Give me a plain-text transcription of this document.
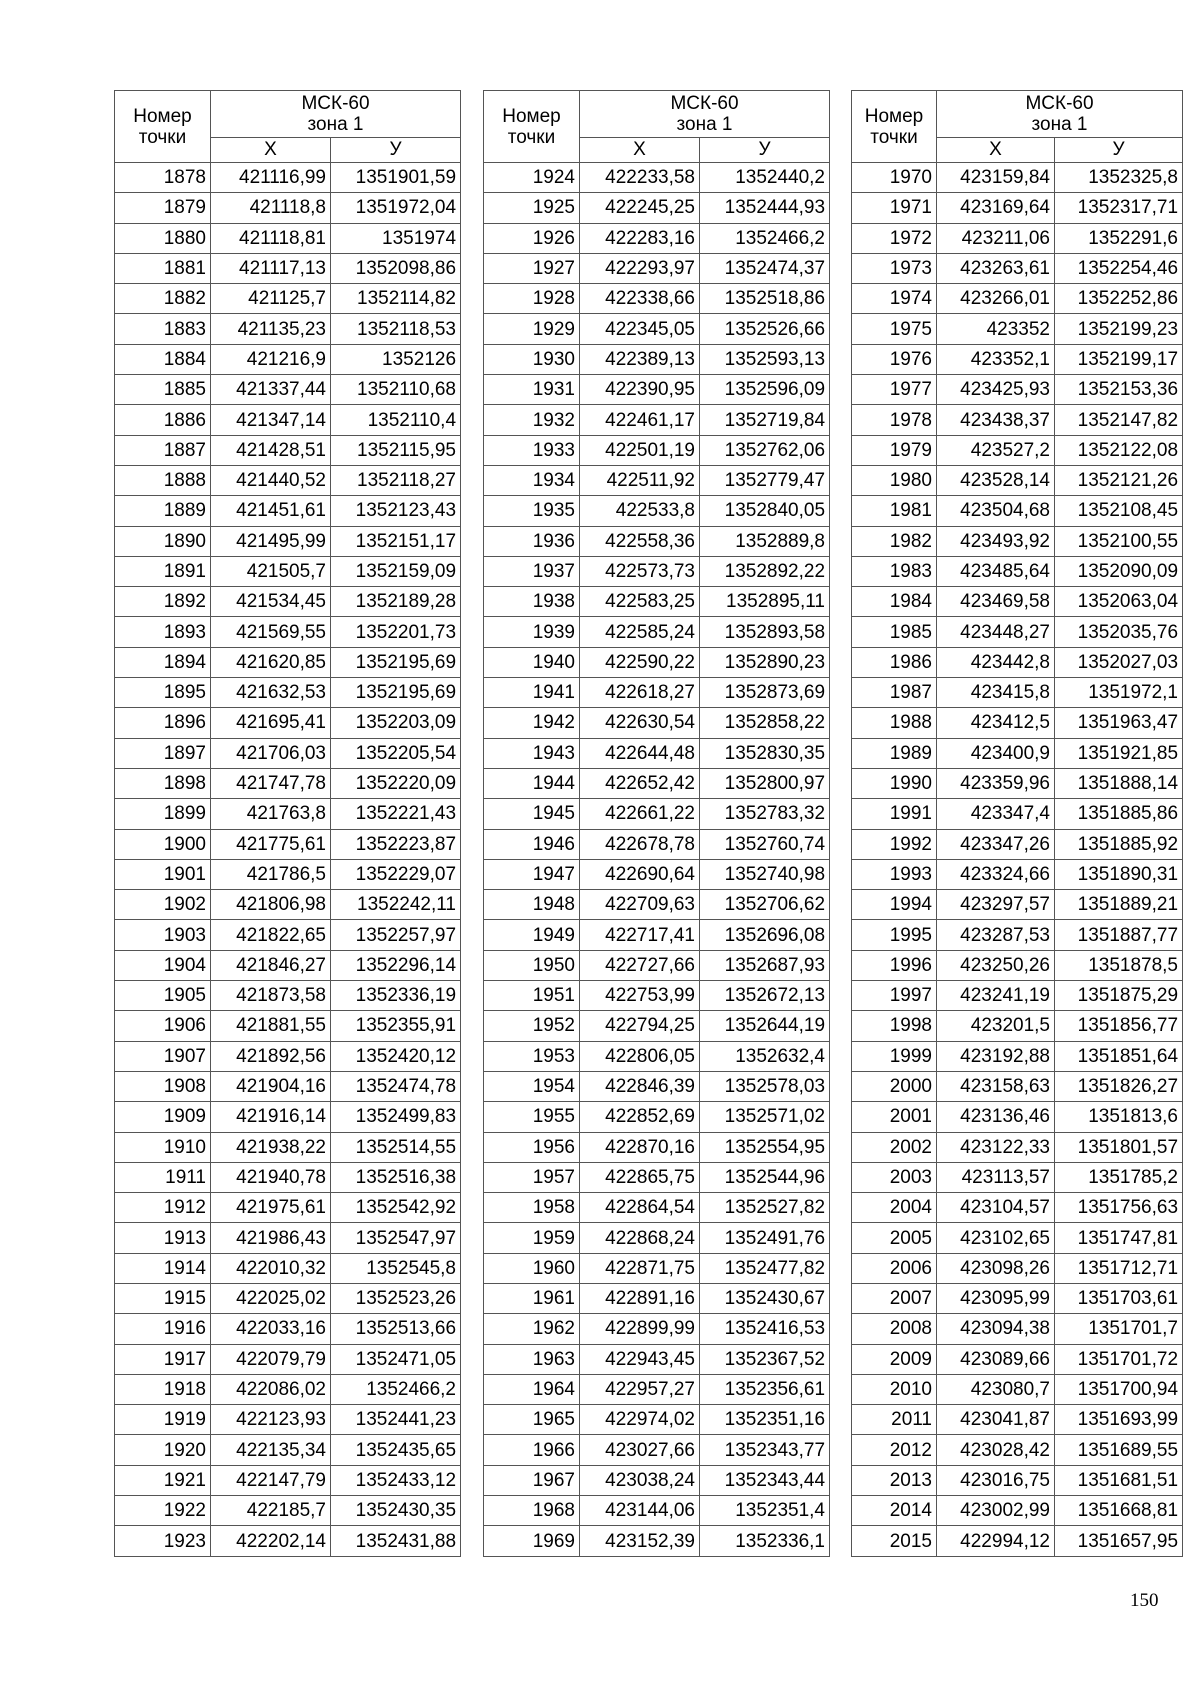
Номер
точки	МСК-60
зона 1	

	X	У
1878	421116,99	1351901,59
1879	421118,8	1351972,04
1880	421118,81	1351974
1881	421117,13	1352098,86
1882	421125,7	1352114,82
1883	421135,23	1352118,53
1884	421216,9	1352126
1885	421337,44	1352110,68
1886	421347,14	1352110,4
1887	421428,51	1352115,95
1888	421440,52	1352118,27
1889	421451,61	1352123,43
1890	421495,99	1352151,17
1891	421505,7	1352159,09
1892	421534,45	1352189,28
1893	421569,55	1352201,73
1894	421620,85	1352195,69
1895	421632,53	1352195,69
1896	421695,41	1352203,09
1897	421706,03	1352205,54
1898	421747,78	1352220,09
1899	421763,8	1352221,43
1900	421775,61	1352223,87
1901	421786,5	1352229,07
1902	421806,98	1352242,11
1903	421822,65	1352257,97
1904	421846,27	1352296,14
1905	421873,58	1352336,19
1906	421881,55	1352355,91
1907	421892,56	1352420,12
1908	421904,16	1352474,78
1909	421916,14	1352499,83
1910	421938,22	1352514,55
1911	421940,78	1352516,38
1912	421975,61	1352542,92
1913	421986,43	1352547,97
1914	422010,32	1352545,8
1915	422025,02	1352523,26
1916	422033,16	1352513,66
1917	422079,79	1352471,05
1918	422086,02	1352466,2
1919	422123,93	1352441,23
1920	422135,34	1352435,65
1921	422147,79	1352433,12
1922	422185,7	1352430,35
1923	422202,14	1352431,88
Номер
точки	МСК-60
зона 1	

	X	У
1924	422233,58	1352440,2
1925	422245,25	1352444,93
1926	422283,16	1352466,2
1927	422293,97	1352474,37
1928	422338,66	1352518,86
1929	422345,05	1352526,66
1930	422389,13	1352593,13
1931	422390,95	1352596,09
1932	422461,17	1352719,84
1933	422501,19	1352762,06
1934	422511,92	1352779,47
1935	422533,8	1352840,05
1936	422558,36	1352889,8
1937	422573,73	1352892,22
1938	422583,25	1352895,11
1939	422585,24	1352893,58
1940	422590,22	1352890,23
1941	422618,27	1352873,69
1942	422630,54	1352858,22
1943	422644,48	1352830,35
1944	422652,42	1352800,97
1945	422661,22	1352783,32
1946	422678,78	1352760,74
1947	422690,64	1352740,98
1948	422709,63	1352706,62
1949	422717,41	1352696,08
1950	422727,66	1352687,93
1951	422753,99	1352672,13
1952	422794,25	1352644,19
1953	422806,05	1352632,4
1954	422846,39	1352578,03
1955	422852,69	1352571,02
1956	422870,16	1352554,95
1957	422865,75	1352544,96
1958	422864,54	1352527,82
1959	422868,24	1352491,76
1960	422871,75	1352477,82
1961	422891,16	1352430,67
1962	422899,99	1352416,53
1963	422943,45	1352367,52
1964	422957,27	1352356,61
1965	422974,02	1352351,16
1966	423027,66	1352343,77
1967	423038,24	1352343,44
1968	423144,06	1352351,4
1969	423152,39	1352336,1
Номер
точки	МСК-60
зона 1	

	X	У
1970	423159,84	1352325,8
1971	423169,64	1352317,71
1972	423211,06	1352291,6
1973	423263,61	1352254,46
1974	423266,01	1352252,86
1975	423352	1352199,23
1976	423352,1	1352199,17
1977	423425,93	1352153,36
1978	423438,37	1352147,82
1979	423527,2	1352122,08
1980	423528,14	1352121,26
1981	423504,68	1352108,45
1982	423493,92	1352100,55
1983	423485,64	1352090,09
1984	423469,58	1352063,04
1985	423448,27	1352035,76
1986	423442,8	1352027,03
1987	423415,8	1351972,1
1988	423412,5	1351963,47
1989	423400,9	1351921,85
1990	423359,96	1351888,14
1991	423347,4	1351885,86
1992	423347,26	1351885,92
1993	423324,66	1351890,31
1994	423297,57	1351889,21
1995	423287,53	1351887,77
1996	423250,26	1351878,5
1997	423241,19	1351875,29
1998	423201,5	1351856,77
1999	423192,88	1351851,64
2000	423158,63	1351826,27
2001	423136,46	1351813,6
2002	423122,33	1351801,57
2003	423113,57	1351785,2
2004	423104,57	1351756,63
2005	423102,65	1351747,81
2006	423098,26	1351712,71
2007	423095,99	1351703,61
2008	423094,38	1351701,7
2009	423089,66	1351701,72
2010	423080,7	1351700,94
2011	423041,87	1351693,99
2012	423028,42	1351689,55
2013	423016,75	1351681,51
2014	423002,99	1351668,81
2015	422994,12	1351657,95
150
